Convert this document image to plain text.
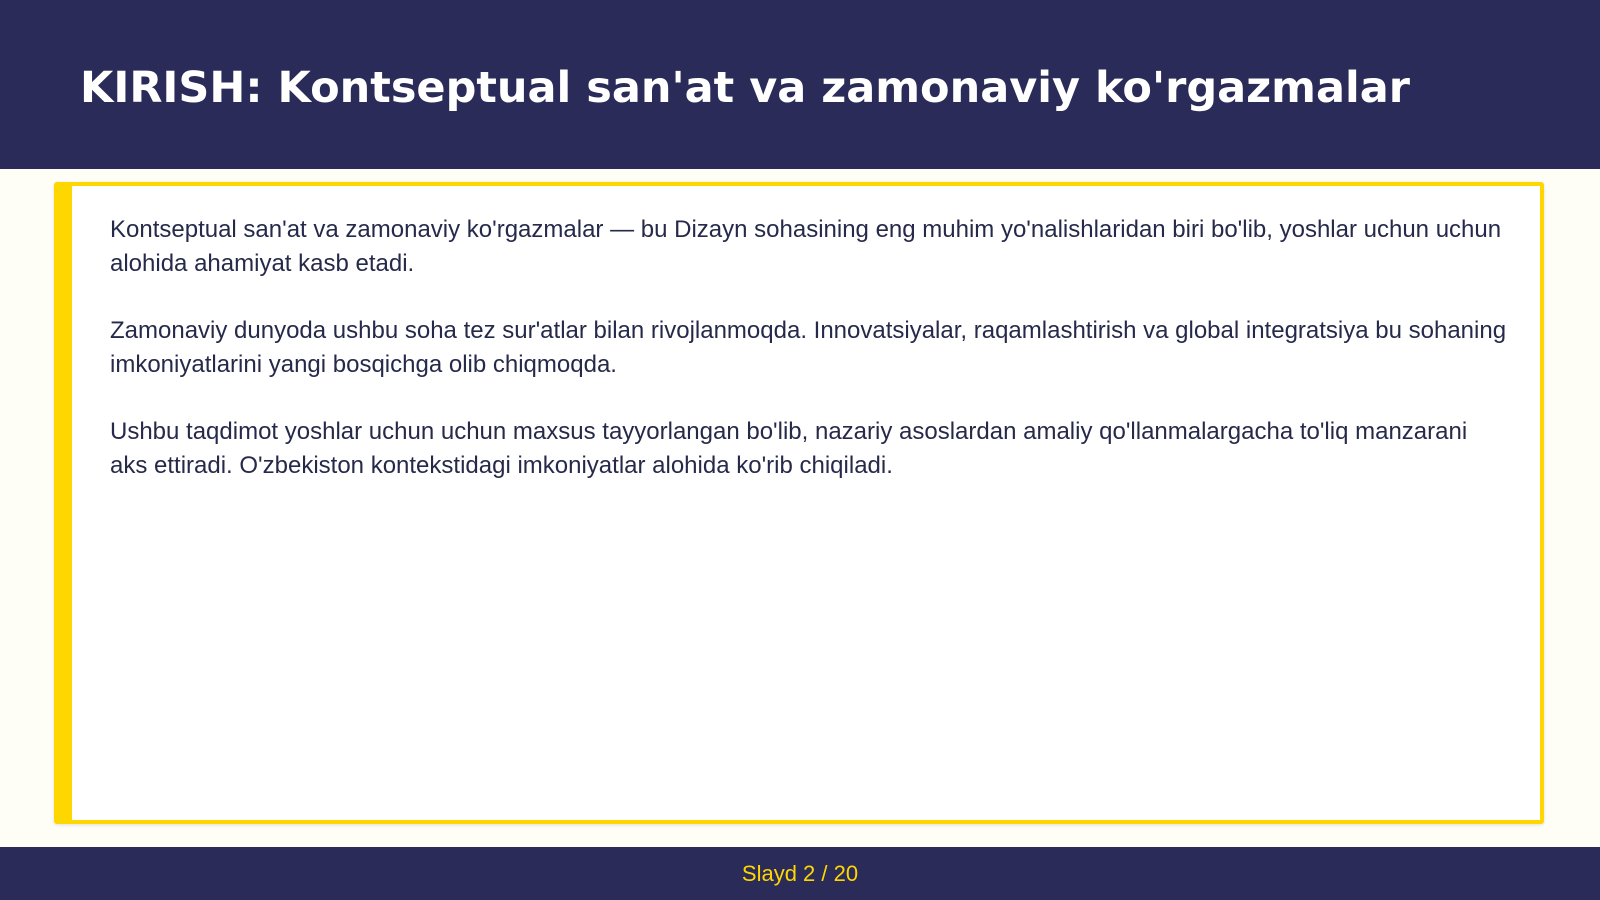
KIRISH: Kontseptual san'at va zamonaviy ko'rgazmalar

Kontseptual san'at va zamonaviy ko'rgazmalar — bu Dizayn sohasining eng muhim yo'nalishlaridan biri bo'lib, yoshlar uchun uchun alohida ahamiyat kasb etadi.

Zamonaviy dunyoda ushbu soha tez sur'atlar bilan rivojlanmoqda. Innovatsiyalar, raqamlashtirish va global integratsiya bu sohaning imkoniyatlarini yangi bosqichga olib chiqmoqda.

Ushbu taqdimot yoshlar uchun uchun maxsus tayyorlangan bo'lib, nazariy asoslardan amaliy qo'llanmalargacha to'liq manzarani aks ettiradi. O'zbekiston kontekstidagi imkoniyatlar alohida ko'rib chiqiladi.

Slayd 2 / 20
